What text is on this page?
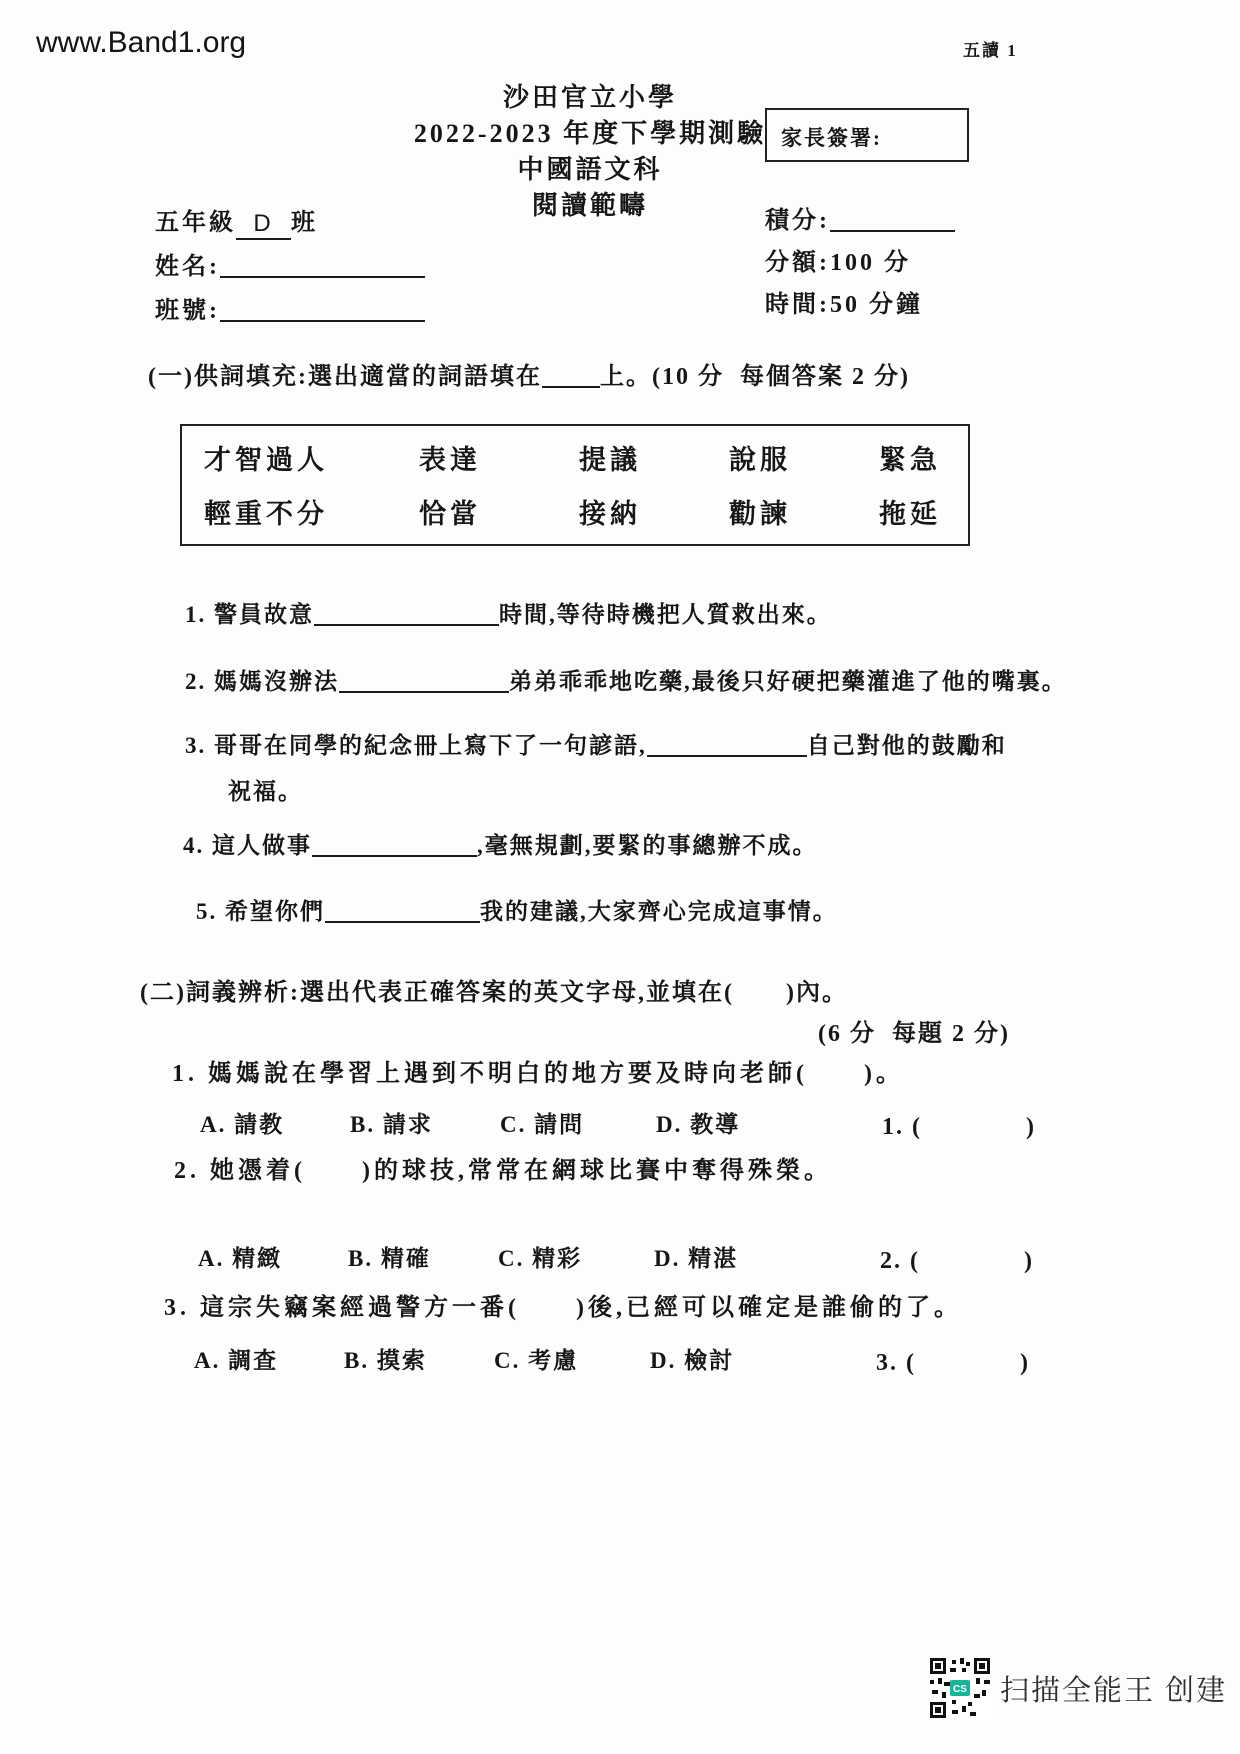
www.Band1.org	五讀 1
沙田官立小學
2022-2023 年度下學期測驗
中國語文科
閱讀範疇
家長簽署:
五年級 D 班
姓名:
班號:
積分:
分額:100 分
時間:50 分鐘
(一)供詞填充:選出適當的詞語填在 上。(10 分  每個答案 2 分)
才智過人	表達	提議	說服	緊急
輕重不分	恰當	接納	勸諫	拖延
1. 警員故意	時間,等待時機把人質救出來。
2. 媽媽沒辦法	弟弟乖乖地吃藥,最後只好硬把藥灌進了他的嘴裏。
3. 哥哥在同學的紀念冊上寫下了一句諺語,	自己對他的鼓勵和
祝福。
4. 這人做事	,毫無規劃,要緊的事總辦不成。
5. 希望你們	我的建議,大家齊心完成這事情。
(二)詞義辨析:選出代表正確答案的英文字母,並填在(　　)內。
(6 分  每題 2 分)
1. 媽媽說在學習上遇到不明白的地方要及時向老師(　　)。
A. 請教	B. 請求	C. 請問	D. 教導	1. (　　　　)
2. 她憑着(　　)的球技,常常在網球比賽中奪得殊榮。
A. 精緻	B. 精確	C. 精彩	D. 精湛	2. (　　　　)
3. 這宗失竊案經過警方一番(　　)後,已經可以確定是誰偷的了。
A. 調查	B. 摸索	C. 考慮	D. 檢討	3. (　　　　)
CS 扫描全能王 创建
